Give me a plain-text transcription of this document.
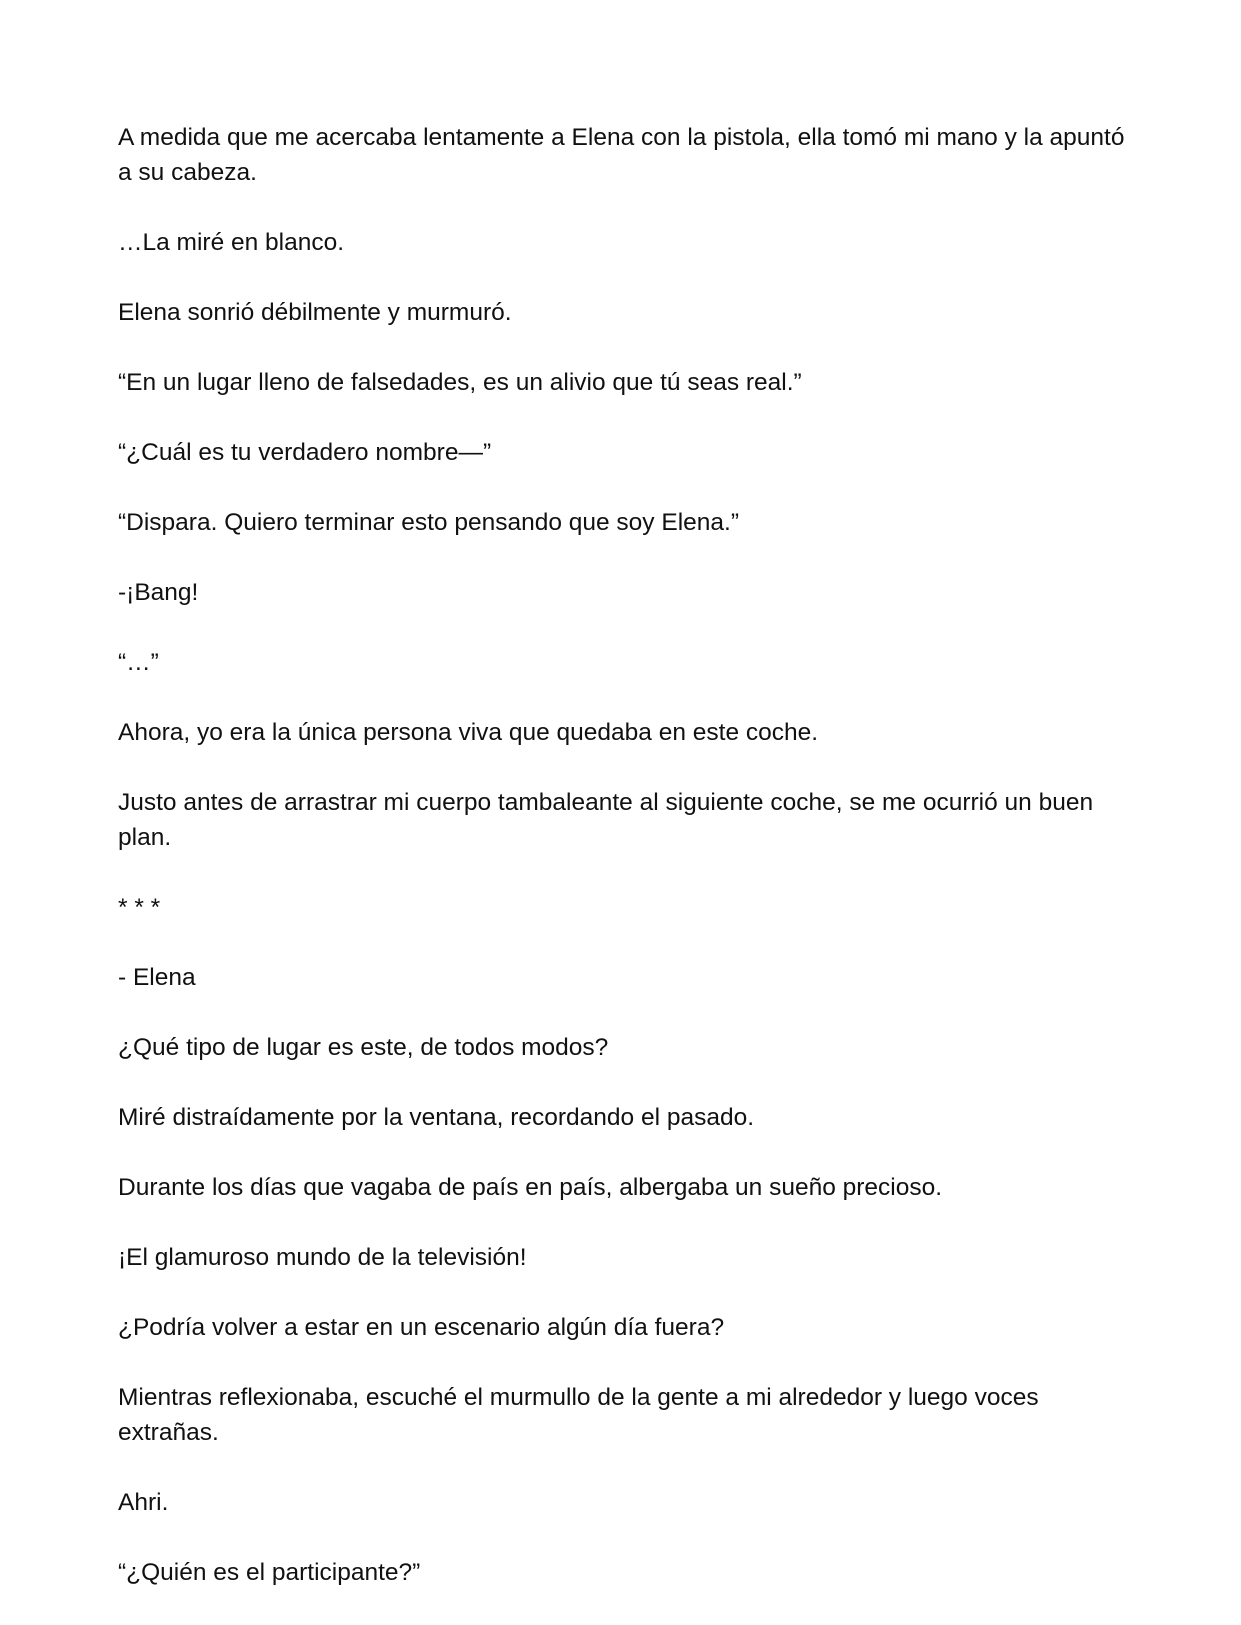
A medida que me acercaba lentamente a Elena con la pistola, ella tomó mi mano y la apuntó a su cabeza.

…La miré en blanco.

Elena sonrió débilmente y murmuró.

“En un lugar lleno de falsedades, es un alivio que tú seas real.”

“¿Cuál es tu verdadero nombre—”

“Dispara. Quiero terminar esto pensando que soy Elena.”

-¡Bang!

“…”

Ahora, yo era la única persona viva que quedaba en este coche.

Justo antes de arrastrar mi cuerpo tambaleante al siguiente coche, se me ocurrió un buen plan.

* * *

- Elena

¿Qué tipo de lugar es este, de todos modos?

Miré distraídamente por la ventana, recordando el pasado.

Durante los días que vagaba de país en país, albergaba un sueño precioso.

¡El glamuroso mundo de la televisión!

¿Podría volver a estar en un escenario algún día fuera?

Mientras reflexionaba, escuché el murmullo de la gente a mi alrededor y luego voces extrañas.

Ahri.

“¿Quién es el participante?”
